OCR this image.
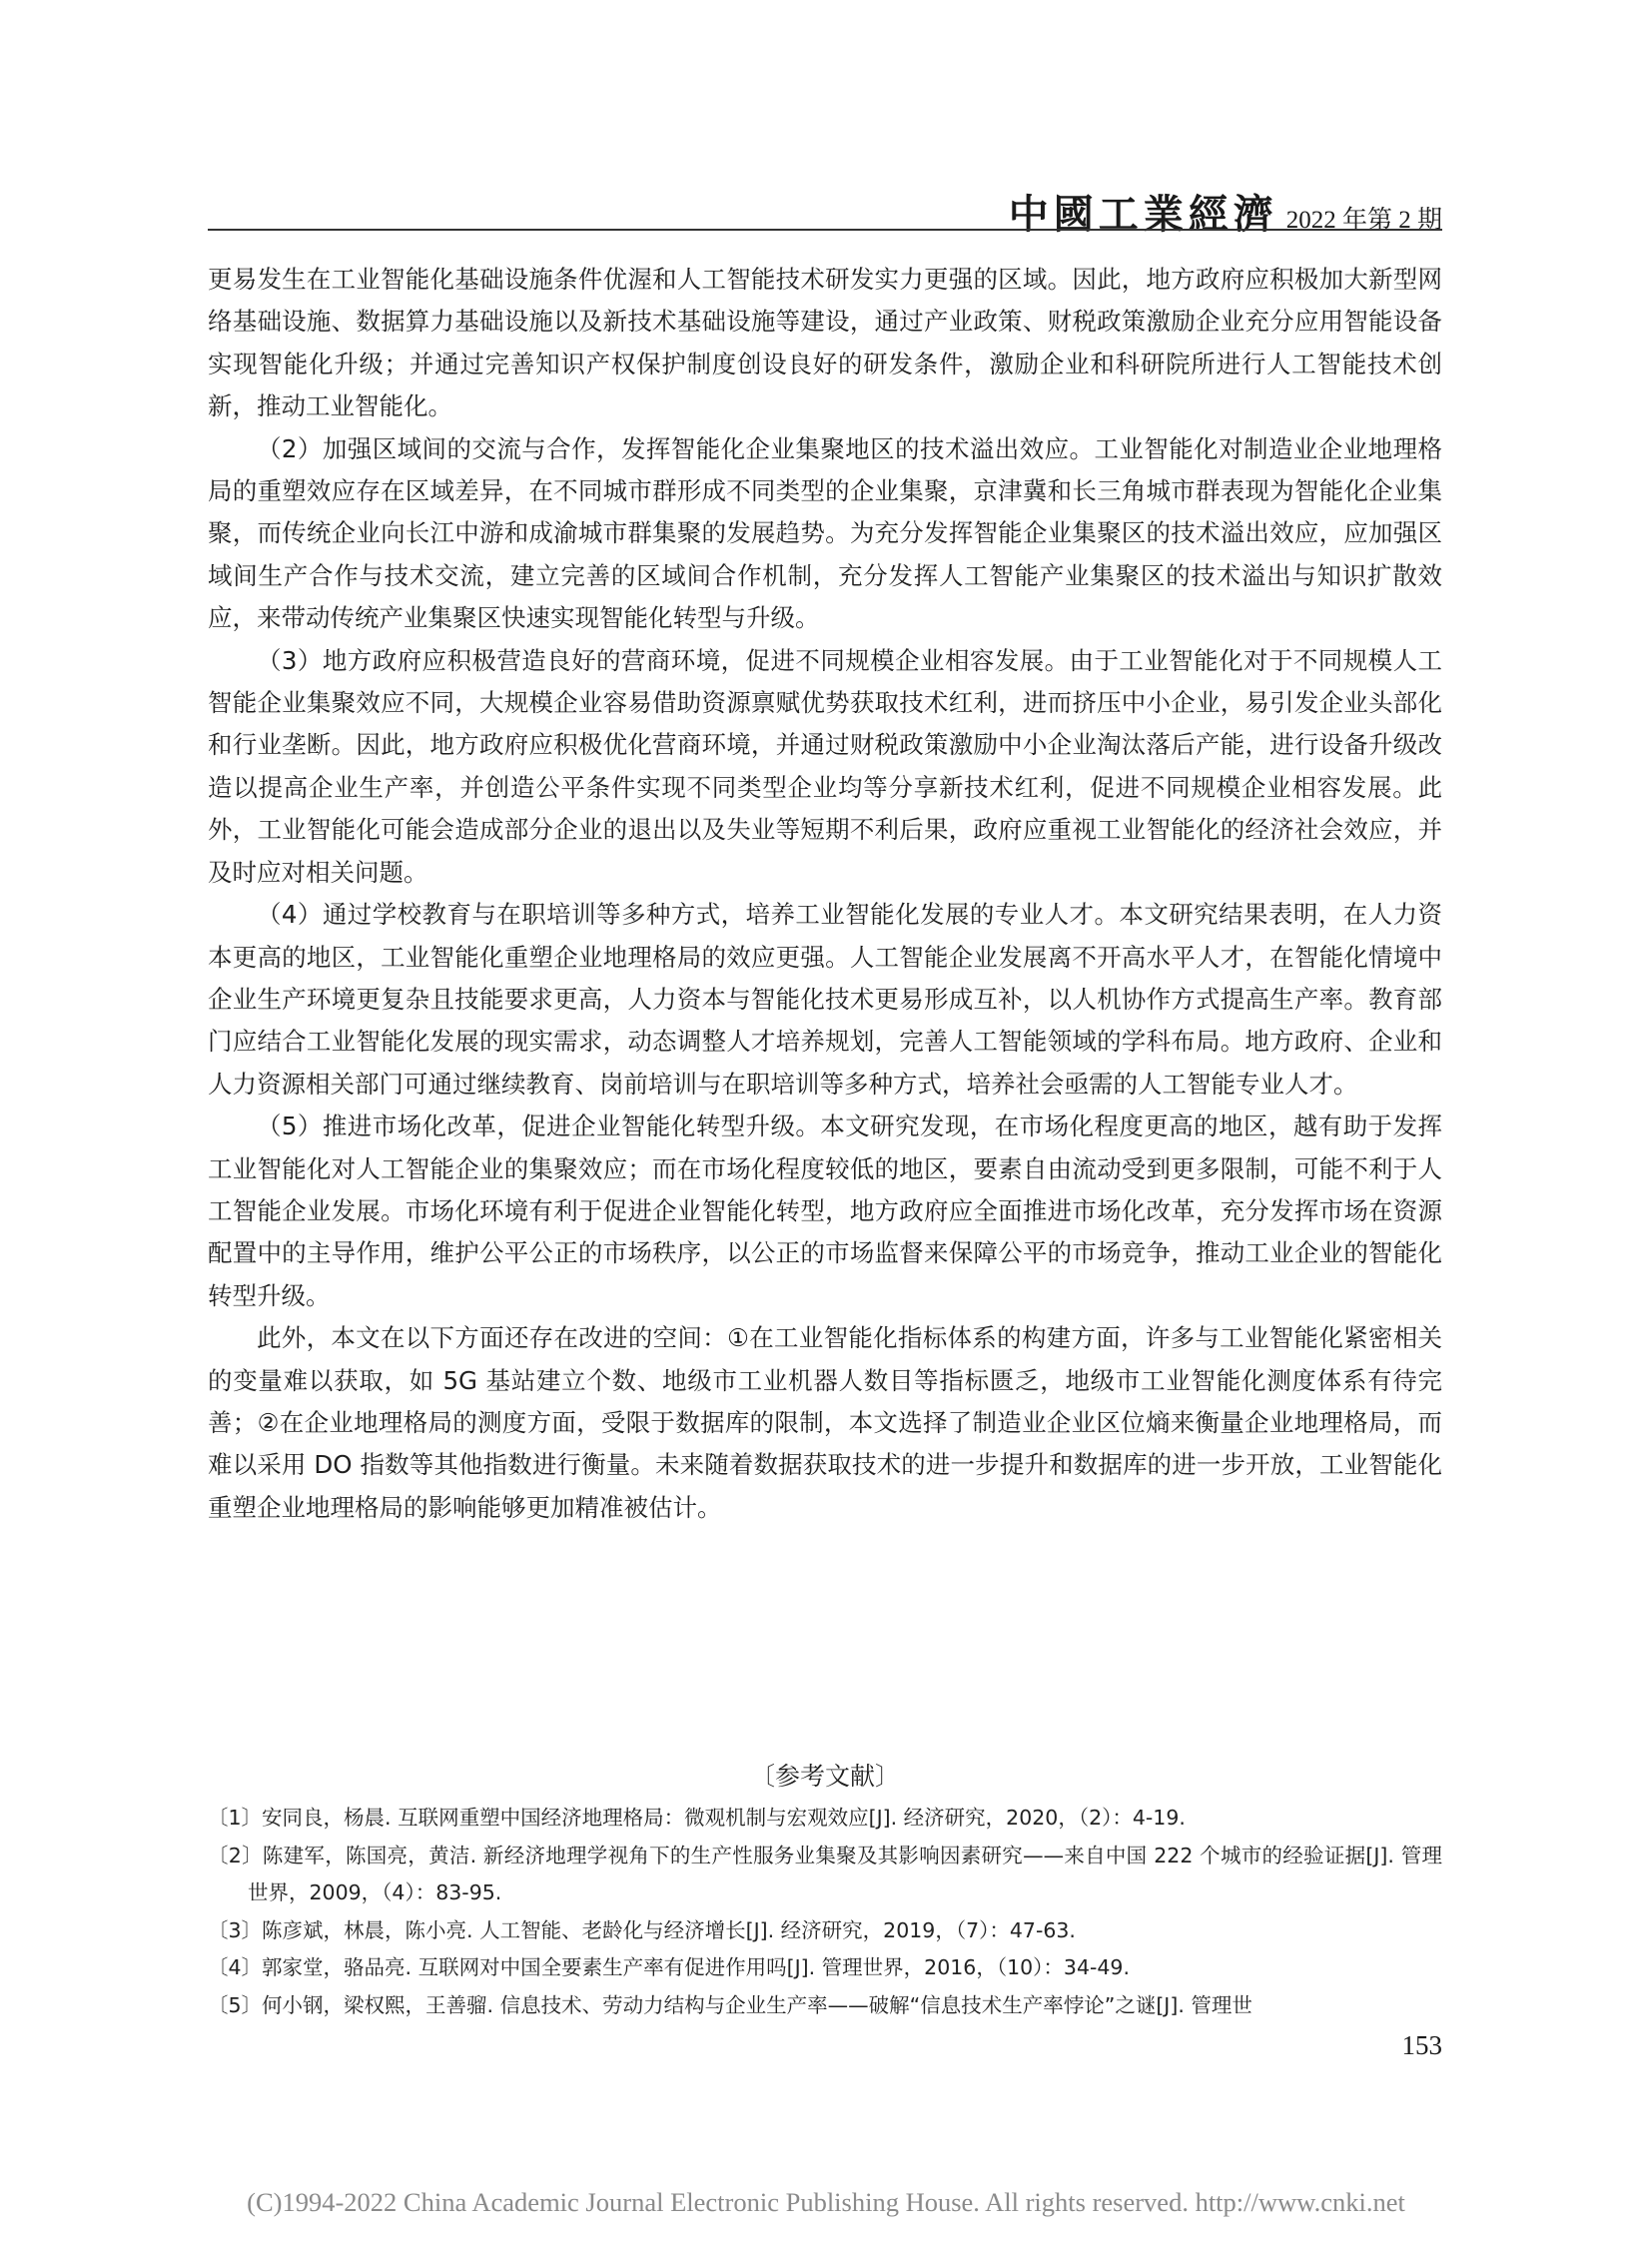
中國工業經濟 2022 年第 2 期

更易发生在工业智能化基础设施条件优渥和人工智能技术研发实力更强的区域。因此，地方政府应积极加大新型网络基础设施、数据算力基础设施以及新技术基础设施等建设，通过产业政策、财税政策激励企业充分应用智能设备实现智能化升级；并通过完善知识产权保护制度创设良好的研发条件，激励企业和科研院所进行人工智能技术创新，推动工业智能化。

（2）加强区域间的交流与合作，发挥智能化企业集聚地区的技术溢出效应。工业智能化对制造业企业地理格局的重塑效应存在区域差异，在不同城市群形成不同类型的企业集聚，京津冀和长三角城市群表现为智能化企业集聚，而传统企业向长江中游和成渝城市群集聚的发展趋势。为充分发挥智能企业集聚区的技术溢出效应，应加强区域间生产合作与技术交流，建立完善的区域间合作机制，充分发挥人工智能产业集聚区的技术溢出与知识扩散效应，来带动传统产业集聚区快速实现智能化转型与升级。

（3）地方政府应积极营造良好的营商环境，促进不同规模企业相容发展。由于工业智能化对于不同规模人工智能企业集聚效应不同，大规模企业容易借助资源禀赋优势获取技术红利，进而挤压中小企业，易引发企业头部化和行业垄断。因此，地方政府应积极优化营商环境，并通过财税政策激励中小企业淘汰落后产能，进行设备升级改造以提高企业生产率，并创造公平条件实现不同类型企业均等分享新技术红利，促进不同规模企业相容发展。此外，工业智能化可能会造成部分企业的退出以及失业等短期不利后果，政府应重视工业智能化的经济社会效应，并及时应对相关问题。

（4）通过学校教育与在职培训等多种方式，培养工业智能化发展的专业人才。本文研究结果表明，在人力资本更高的地区，工业智能化重塑企业地理格局的效应更强。人工智能企业发展离不开高水平人才，在智能化情境中企业生产环境更复杂且技能要求更高，人力资本与智能化技术更易形成互补，以人机协作方式提高生产率。教育部门应结合工业智能化发展的现实需求，动态调整人才培养规划，完善人工智能领域的学科布局。地方政府、企业和人力资源相关部门可通过继续教育、岗前培训与在职培训等多种方式，培养社会亟需的人工智能专业人才。

（5）推进市场化改革，促进企业智能化转型升级。本文研究发现，在市场化程度更高的地区，越有助于发挥工业智能化对人工智能企业的集聚效应；而在市场化程度较低的地区，要素自由流动受到更多限制，可能不利于人工智能企业发展。市场化环境有利于促进企业智能化转型，地方政府应全面推进市场化改革，充分发挥市场在资源配置中的主导作用，维护公平公正的市场秩序，以公正的市场监督来保障公平的市场竞争，推动工业企业的智能化转型升级。

此外，本文在以下方面还存在改进的空间：①在工业智能化指标体系的构建方面，许多与工业智能化紧密相关的变量难以获取，如 5G 基站建立个数、地级市工业机器人数目等指标匮乏，地级市工业智能化测度体系有待完善；②在企业地理格局的测度方面，受限于数据库的限制，本文选择了制造业企业区位熵来衡量企业地理格局，而难以采用 DO 指数等其他指数进行衡量。未来随着数据获取技术的进一步提升和数据库的进一步开放，工业智能化重塑企业地理格局的影响能够更加精准被估计。

〔参考文献〕

〔1〕安同良，杨晨. 互联网重塑中国经济地理格局：微观机制与宏观效应[J]. 经济研究，2020，（2）：4-19.

〔2〕陈建军，陈国亮，黄洁. 新经济地理学视角下的生产性服务业集聚及其影响因素研究——来自中国 222 个城市的经验证据[J]. 管理世界，2009，（4）：83-95.

〔3〕陈彦斌，林晨，陈小亮. 人工智能、老龄化与经济增长[J]. 经济研究，2019，（7）：47-63.

〔4〕郭家堂，骆品亮. 互联网对中国全要素生产率有促进作用吗[J]. 管理世界，2016，（10）：34-49.

〔5〕何小钢，梁权熙，王善骝. 信息技术、劳动力结构与企业生产率——破解“信息技术生产率悖论”之谜[J]. 管理世

153
(C)1994-2022 China Academic Journal Electronic Publishing House. All rights reserved. http://www.cnki.net
